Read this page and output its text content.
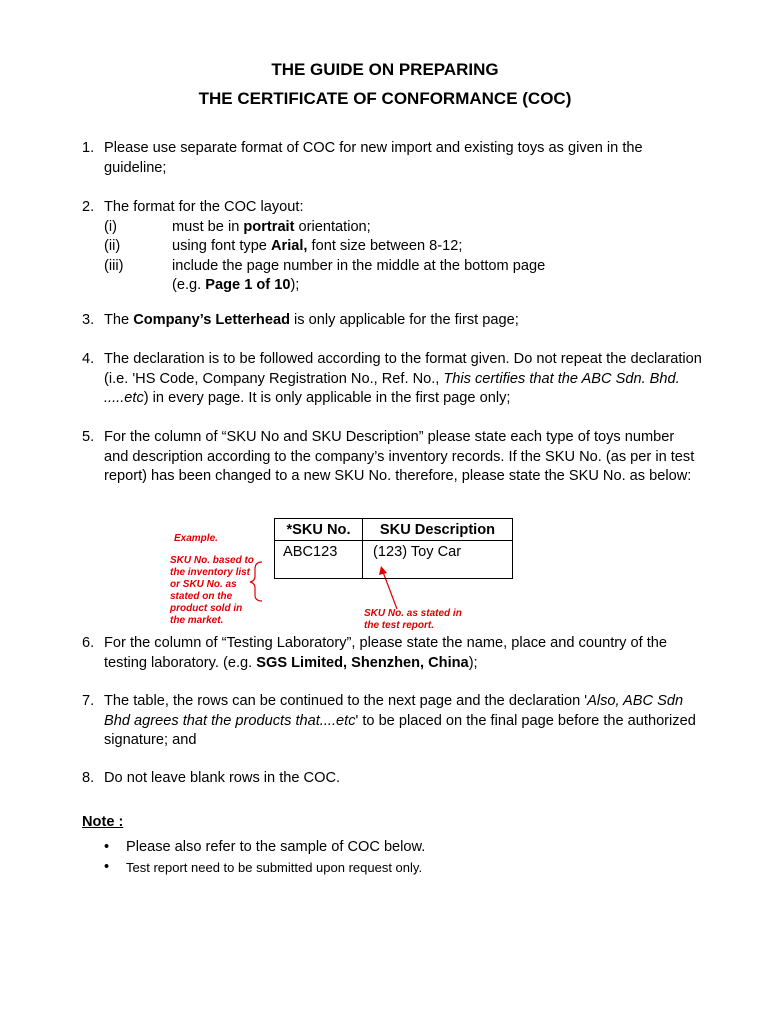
THE GUIDE ON PREPARING
THE CERTIFICATE OF CONFORMANCE (COC)
1. Please use separate format of COC for new import and existing toys as given in the guideline;
2. The format for the COC layout:
(i)	must be in portrait orientation;
(ii)	using font type Arial, font size between 8-12;
(iii)	include the page number in the middle at the bottom page
(e.g. Page 1 of 10);
3. The Company’s Letterhead is only applicable for the first page;
4. The declaration is to be followed according to the format given. Do not repeat the declaration (i.e. 'HS Code, Company Registration No., Ref. No., This certifies that the ABC Sdn. Bhd. .....etc) in every page. It is only applicable in the first page only;
5. For the column of “SKU No and SKU Description” please state each type of toys number and description according to the company’s inventory records. If the SKU No. (as per in test report) has been changed to a new SKU No. therefore, please state the SKU No. as below:
Example.
SKU No. based to the inventory list or SKU No. as stated on the product sold in the market.
SKU No. as stated in the test report.
*SKU No.	SKU Description
ABC123	(123) Toy Car
6. For the column of “Testing Laboratory”, please state the name, place and country of the testing laboratory. (e.g. SGS Limited, Shenzhen, China);
7. The table, the rows can be continued to the next page and the declaration 'Also, ABC Sdn Bhd agrees that the products that....etc' to be placed on the final page before the authorized signature; and
8. Do not leave blank rows in the COC.
Note :
• Please also refer to the sample of COC below.
• Test report need to be submitted upon request only.
